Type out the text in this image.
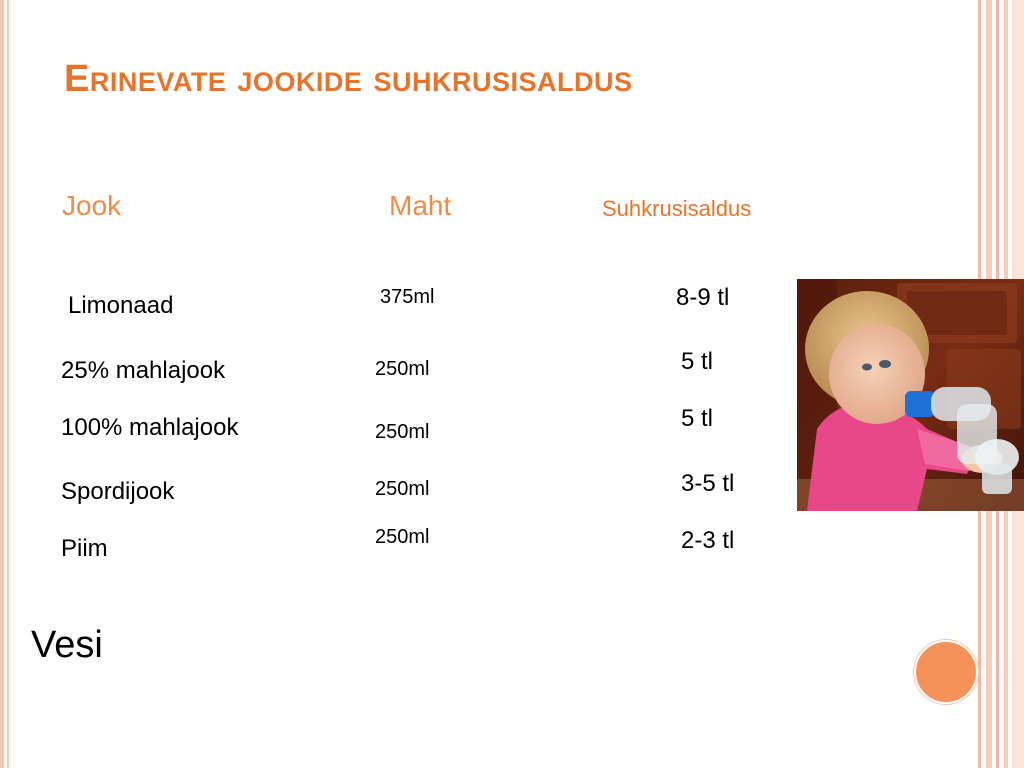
Erinevate jookide suhkrusisaldus
Jook	Maht	Suhkrusisaldus
Limonaad
25% mahlajook
100% mahlajook
Spordijook
Piim
375ml
250ml
250ml
250ml
250ml
8-9 tl
5 tl
5 tl
3-5 tl
2-3 tl
Vesi
